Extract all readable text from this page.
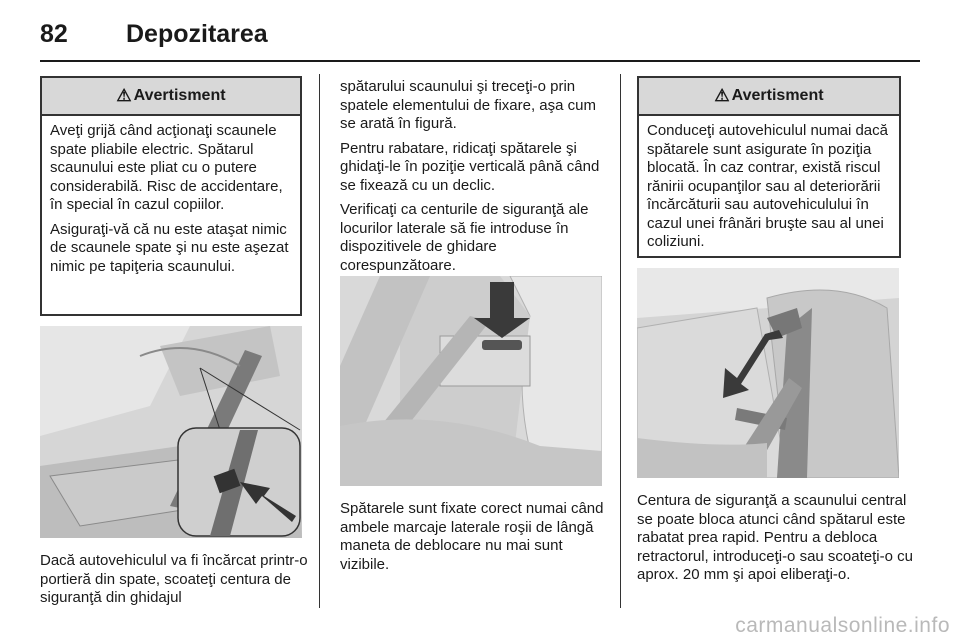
82 Depozitarea
⚠ Avertisment

Aveţi grijă când acţionaţi scaunele spate pliabile electric. Spătarul scaunului este pliat cu o putere considerabilă. Risc de accidentare, în special în cazul copiilor.

Asiguraţi-vă că nu este ataşat nimic de scaunele spate şi nu este aşezat nimic pe tapiţeria scaunului.

Dacă autovehiculul va fi încărcat printr-o portieră din spate, scoateţi centura de siguranţă din ghidajul

spătarului scaunului şi treceţi-o prin spatele elementului de fixare, aşa cum se arată în figură.

Pentru rabatare, ridicaţi spătarele şi ghidaţi-le în poziţie verticală până când se fixează cu un declic.

Verificaţi ca centurile de siguranţă ale locurilor laterale să fie introduse în dispozitivele de ghidare corespunzătoare.

Spătarele sunt fixate corect numai când ambele marcaje laterale roşii de lângă maneta de deblocare nu mai sunt vizibile.

⚠ Avertisment

Conduceţi autovehiculul numai dacă spătarele sunt asigurate în poziţia blocată. În caz contrar, există riscul rănirii ocupanţilor sau al deteriorării încărcăturii sau autovehiculului în cazul unei frânări bruşte sau al unei coliziuni.

Centura de siguranţă a scaunului central se poate bloca atunci când spătarul este rabatat prea rapid. Pentru a debloca retractorul, introduceţi-o sau scoateţi-o cu aprox. 20 mm şi apoi eliberaţi-o.

carmanualsonline.info
